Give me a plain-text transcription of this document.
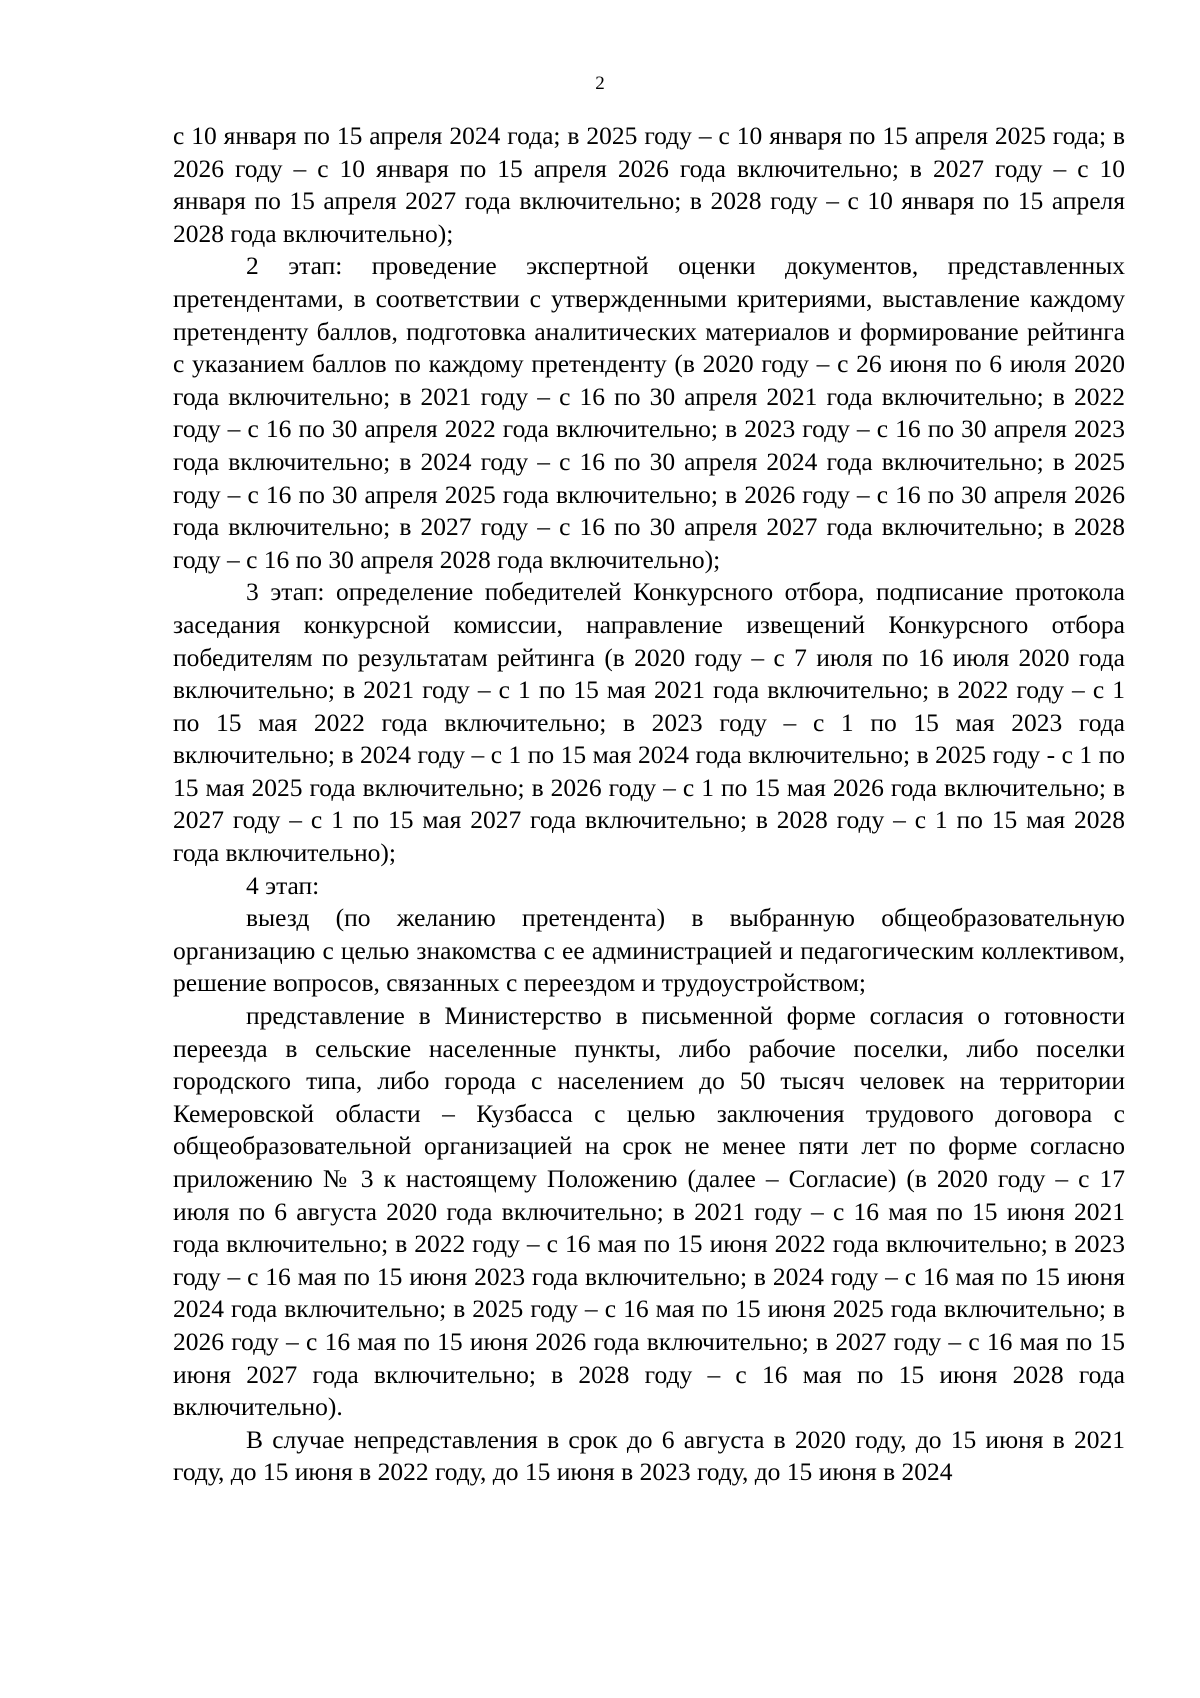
2

с 10 января по 15 апреля 2024 года; в 2025 году – с 10 января по 15 апреля 2025 года; в 2026 году – с 10 января по 15 апреля 2026 года включительно; в 2027 году – с 10 января по 15 апреля 2027 года включительно; в 2028 году – с 10 января по 15 апреля 2028 года включительно);

2 этап: проведение экспертной оценки документов, представленных претендентами, в соответствии с утвержденными критериями, выставление каждому претенденту баллов, подготовка аналитических материалов и формирование рейтинга с указанием баллов по каждому претенденту (в 2020 году – с 26 июня по 6 июля 2020 года включительно; в 2021 году – с 16 по 30 апреля 2021 года включительно; в 2022 году – с 16 по 30 апреля 2022 года включительно; в 2023 году – с 16 по 30 апреля 2023 года включительно; в 2024 году – с 16 по 30 апреля 2024 года включительно; в 2025 году – с 16 по 30 апреля 2025 года включительно; в 2026 году – с 16 по 30 апреля 2026 года включительно; в 2027 году – с 16 по 30 апреля 2027 года включительно; в 2028 году – с 16 по 30 апреля 2028 года включительно);

3 этап: определение победителей Конкурсного отбора, подписание протокола заседания конкурсной комиссии, направление извещений Конкурсного отбора победителям по результатам рейтинга (в 2020 году – с 7 июля по 16 июля 2020 года включительно; в 2021 году – с 1 по 15 мая 2021 года включительно; в 2022 году – с 1 по 15 мая 2022 года включительно; в 2023 году – с 1 по 15 мая 2023 года включительно; в 2024 году – с 1 по 15 мая 2024 года включительно; в 2025 году - с 1 по 15 мая 2025 года включительно; в 2026 году – с 1 по 15 мая 2026 года включительно; в 2027 году – с 1 по 15 мая 2027 года включительно; в 2028 году – с 1 по 15 мая 2028 года включительно);

4 этап:

выезд (по желанию претендента) в выбранную общеобразовательную организацию с целью знакомства с ее администрацией и педагогическим коллективом, решение вопросов, связанных с переездом и трудоустройством;

представление в Министерство в письменной форме согласия о готовности переезда в сельские населенные пункты, либо рабочие поселки, либо поселки городского типа, либо города с населением до 50 тысяч человек на территории Кемеровской области – Кузбасса с целью заключения трудового договора с общеобразовательной организацией на срок не менее пяти лет по форме согласно приложению № 3 к настоящему Положению (далее – Согласие) (в 2020 году – с 17 июля по 6 августа 2020 года включительно; в 2021 году – с 16 мая по 15 июня 2021 года включительно; в 2022 году – с 16 мая по 15 июня 2022 года включительно; в 2023 году – с 16 мая по 15 июня 2023 года включительно; в 2024 году – с 16 мая по 15 июня 2024 года включительно; в 2025 году – с 16 мая по 15 июня 2025 года включительно; в 2026 году – с 16 мая по 15 июня 2026 года включительно; в 2027 году – с 16 мая по 15 июня 2027 года включительно; в 2028 году – с 16 мая по 15 июня 2028 года включительно).

В случае непредставления в срок до 6 августа в 2020 году, до 15 июня в 2021 году, до 15 июня в 2022 году, до 15 июня в 2023 году, до 15 июня в 2024
